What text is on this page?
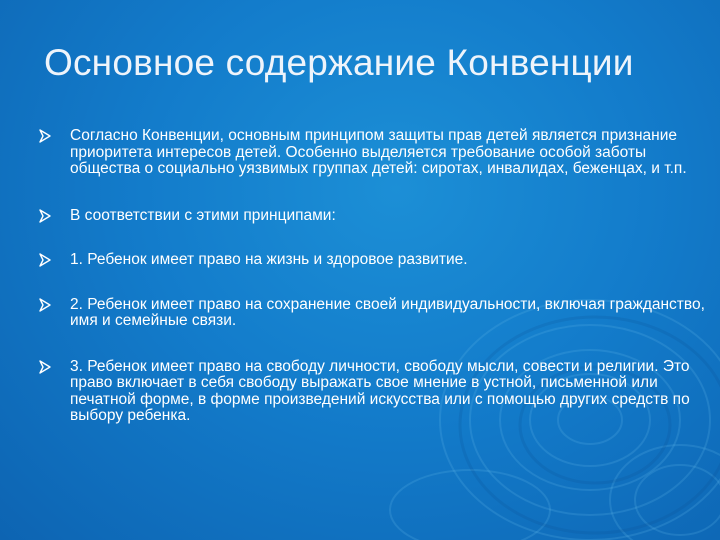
Основное содержание Конвенции
Согласно Конвенции, основным принципом защиты прав детей является признание приоритета интересов детей. Особенно выделяется требование особой заботы общества о социально уязвимых группах детей: сиротах, инвалидах, беженцах, и т.п.
В соответствии с этими принципами:
1. Ребенок имеет право на жизнь и здоровое развитие.
2. Ребенок имеет право на сохранение своей индивидуальности, включая гражданство, имя и семейные связи.
3. Ребенок имеет право на свободу личности, свободу мысли, совести и религии. Это право включает в себя свободу выражать свое мнение в устной, письменной или печатной форме, в форме произведений искусства или с помощью других средств по выбору ребенка.
